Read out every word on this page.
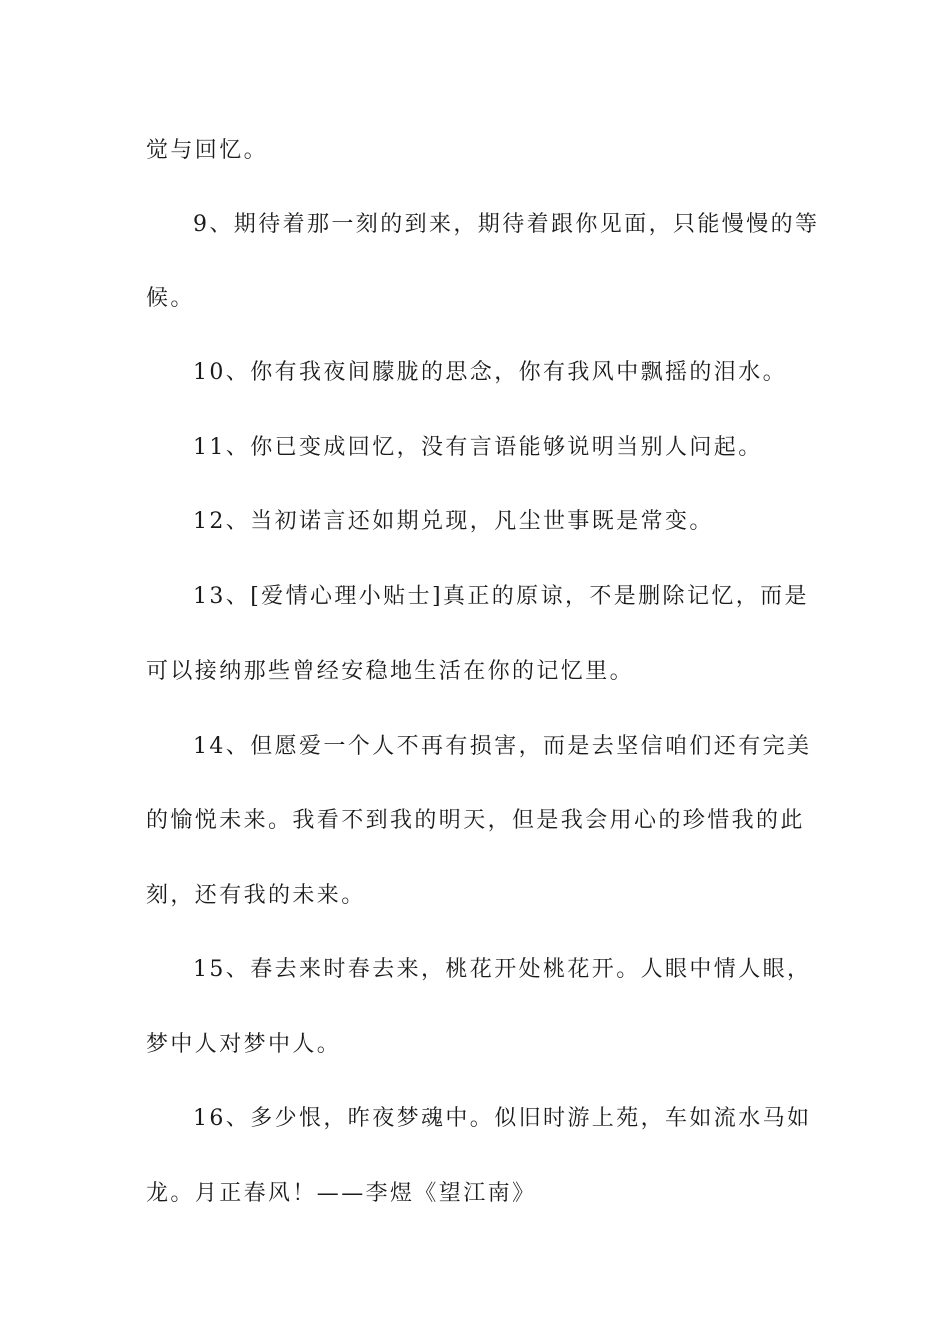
觉与回忆。
9、期待着那一刻的到来，期待着跟你见面，只能慢慢的等
候。
10、你有我夜间朦胧的思念，你有我风中飘摇的泪水。
11、你已变成回忆，没有言语能够说明当别人问起。
12、当初诺言还如期兑现，凡尘世事既是常变。
13、[爱情心理小贴士]真正的原谅，不是删除记忆，而是
可以接纳那些曾经安稳地生活在你的记忆里。
14、但愿爱一个人不再有损害，而是去坚信咱们还有完美
的愉悦未来。我看不到我的明天，但是我会用心的珍惜我的此
刻，还有我的未来。
15、春去来时春去来，桃花开处桃花开。人眼中情人眼，
梦中人对梦中人。
16、多少恨，昨夜梦魂中。似旧时游上苑，车如流水马如
龙。月正春风！——李煜《望江南》
